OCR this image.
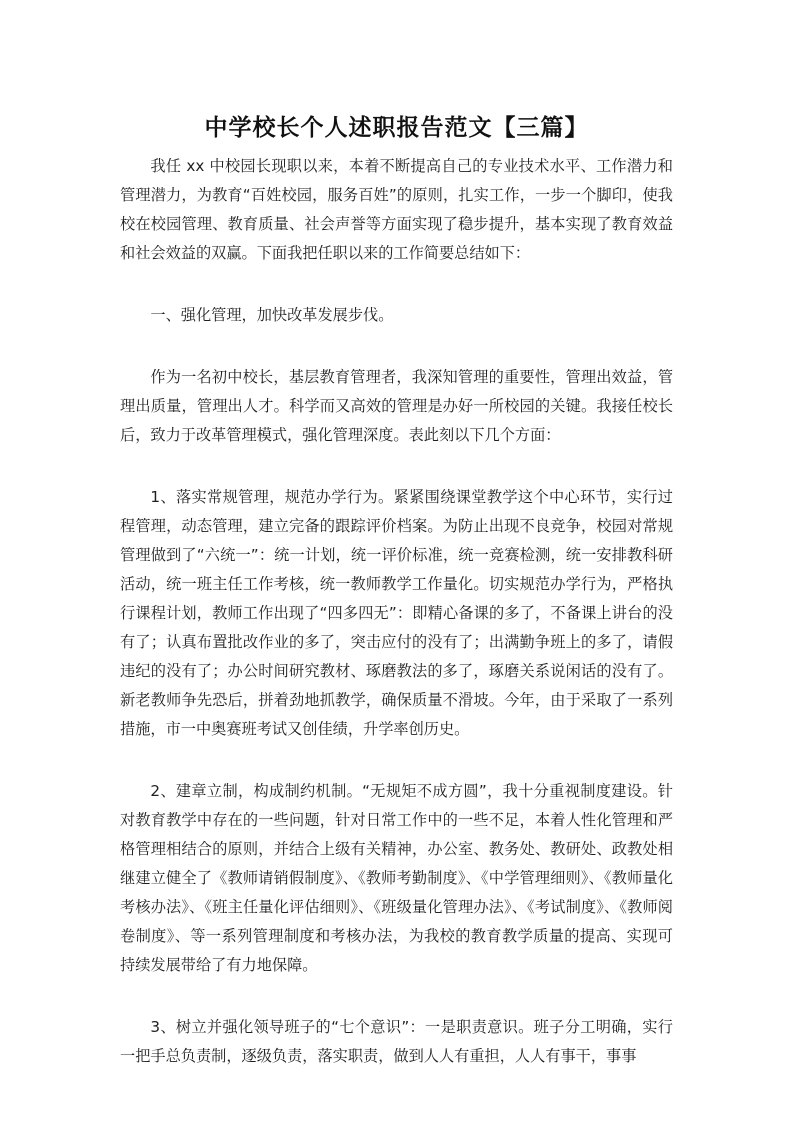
中学校长个人述职报告范文【三篇】

我任 xx 中校园长现职以来，本着不断提高自己的专业技术水平、工作潜力和管理潜力，为教育“百姓校园，服务百姓”的原则，扎实工作，一步一个脚印，使我校在校园管理、教育质量、社会声誉等方面实现了稳步提升，基本实现了教育效益和社会效益的双赢。下面我把任职以来的工作简要总结如下：

一、强化管理，加快改革发展步伐。

作为一名初中校长，基层教育管理者，我深知管理的重要性，管理出效益，管理出质量，管理出人才。科学而又高效的管理是办好一所校园的关键。我接任校长后，致力于改革管理模式，强化管理深度。表此刻以下几个方面：

1、落实常规管理，规范办学行为。紧紧围绕课堂教学这个中心环节，实行过程管理，动态管理，建立完备的跟踪评价档案。为防止出现不良竞争，校园对常规管理做到了“六统一”：统一计划，统一评价标准，统一竞赛检测，统一安排教科研活动，统一班主任工作考核，统一教师教学工作量化。切实规范办学行为，严格执行课程计划，教师工作出现了“四多四无”：即精心备课的多了，不备课上讲台的没有了；认真布置批改作业的多了，突击应付的没有了；出满勤争班上的多了，请假违纪的没有了；办公时间研究教材、琢磨教法的多了，琢磨关系说闲话的没有了。新老教师争先恐后，拼着劲地抓教学，确保质量不滑坡。今年，由于采取了一系列措施，市一中奥赛班考试又创佳绩，升学率创历史。

2、建章立制，构成制约机制。“无规矩不成方圆”，我十分重视制度建设。针对教育教学中存在的一些问题，针对日常工作中的一些不足，本着人性化管理和严格管理相结合的原则，并结合上级有关精神，办公室、教务处、教研处、政教处相继建立健全了《教师请销假制度》、《教师考勤制度》、《中学管理细则》、《教师量化考核办法》、《班主任量化评估细则》、《班级量化管理办法》、《考试制度》、《教师阅卷制度》、等一系列管理制度和考核办法，为我校的教育教学质量的提高、实现可持续发展带给了有力地保障。

3、树立并强化领导班子的“七个意识”：一是职责意识。班子分工明确，实行一把手总负责制，逐级负责，落实职责，做到人人有重担，人人有事干，事事
